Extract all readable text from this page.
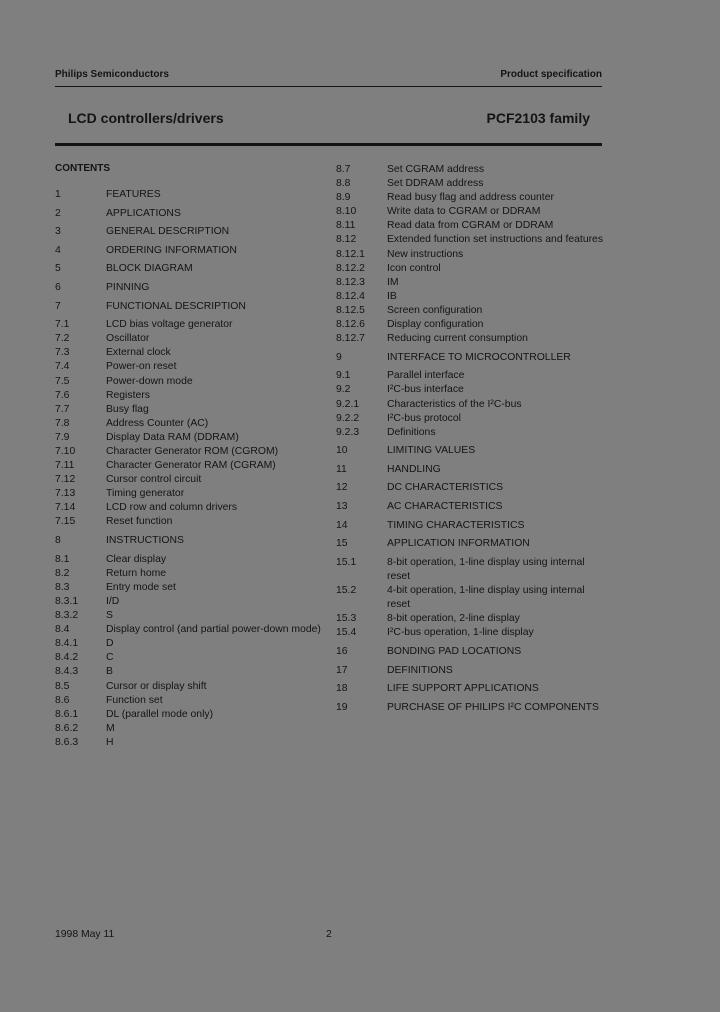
Philips Semiconductors	Product specification
LCD controllers/drivers	PCF2103 family
CONTENTS
1	FEATURES
2	APPLICATIONS
3	GENERAL DESCRIPTION
4	ORDERING INFORMATION
5	BLOCK DIAGRAM
6	PINNING
7	FUNCTIONAL DESCRIPTION
7.1	LCD bias voltage generator
7.2	Oscillator
7.3	External clock
7.4	Power-on reset
7.5	Power-down mode
7.6	Registers
7.7	Busy flag
7.8	Address Counter (AC)
7.9	Display Data RAM (DDRAM)
7.10	Character Generator ROM (CGROM)
7.11	Character Generator RAM (CGRAM)
7.12	Cursor control circuit
7.13	Timing generator
7.14	LCD row and column drivers
7.15	Reset function
8	INSTRUCTIONS
8.1	Clear display
8.2	Return home
8.3	Entry mode set
8.3.1	I/D
8.3.2	S
8.4	Display control (and partial power-down mode)
8.4.1	D
8.4.2	C
8.4.3	B
8.5	Cursor or display shift
8.6	Function set
8.6.1	DL (parallel mode only)
8.6.2	M
8.6.3	H
8.7	Set CGRAM address
8.8	Set DDRAM address
8.9	Read busy flag and address counter
8.10	Write data to CGRAM or DDRAM
8.11	Read data from CGRAM or DDRAM
8.12	Extended function set instructions and features
8.12.1	New instructions
8.12.2	Icon control
8.12.3	IM
8.12.4	IB
8.12.5	Screen configuration
8.12.6	Display configuration
8.12.7	Reducing current consumption
9	INTERFACE TO MICROCONTROLLER
9.1	Parallel interface
9.2	I²C-bus interface
9.2.1	Characteristics of the I²C-bus
9.2.2	I²C-bus protocol
9.2.3	Definitions
10	LIMITING VALUES
11	HANDLING
12	DC CHARACTERISTICS
13	AC CHARACTERISTICS
14	TIMING CHARACTERISTICS
15	APPLICATION INFORMATION
15.1	8-bit operation, 1-line display using internal
reset
15.2	4-bit operation, 1-line display using internal
reset
15.3	8-bit operation, 2-line display
15.4	I²C-bus operation, 1-line display
16	BONDING PAD LOCATIONS
17	DEFINITIONS
18	LIFE SUPPORT APPLICATIONS
19	PURCHASE OF PHILIPS I²C COMPONENTS
1998 May 11	2
